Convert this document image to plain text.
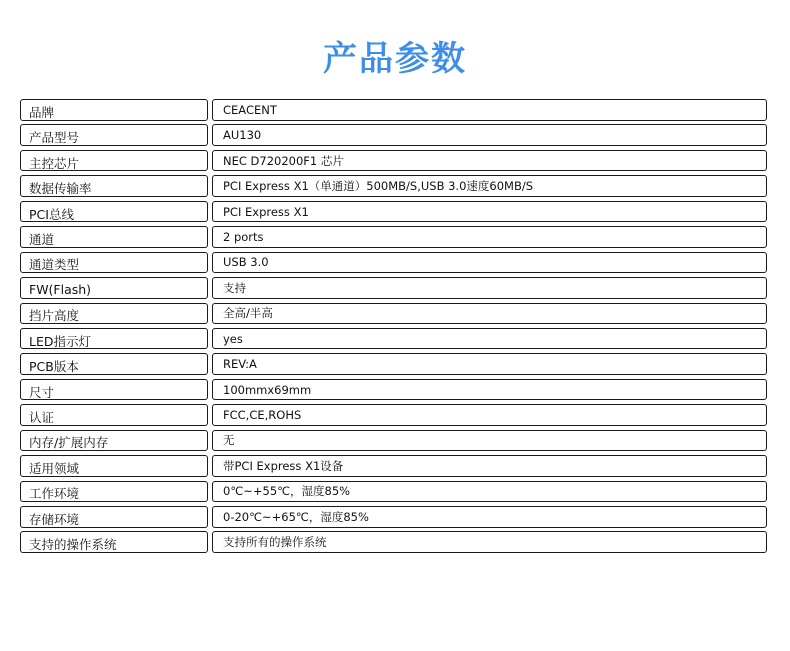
产品参数
品牌	CEACENT
产品型号	AU130
主控芯片	NEC D720200F1 芯片
数据传输率	PCI Express X1（单通道）500MB/S,USB 3.0速度60MB/S
PCI总线	PCI Express X1
通道	2 ports
通道类型	USB 3.0
FW(Flash)	支持
挡片高度	全高/半高
LED指示灯	yes
PCB版本	REV:A
尺寸	100mmx69mm
认证	FCC,CE,ROHS
内存/扩展内存	无
适用领域	带PCI Express X1设备
工作环境	0℃~+55℃，湿度85%
存储环境	0-20℃~+65℃，湿度85%
支持的操作系统	支持所有的操作系统
